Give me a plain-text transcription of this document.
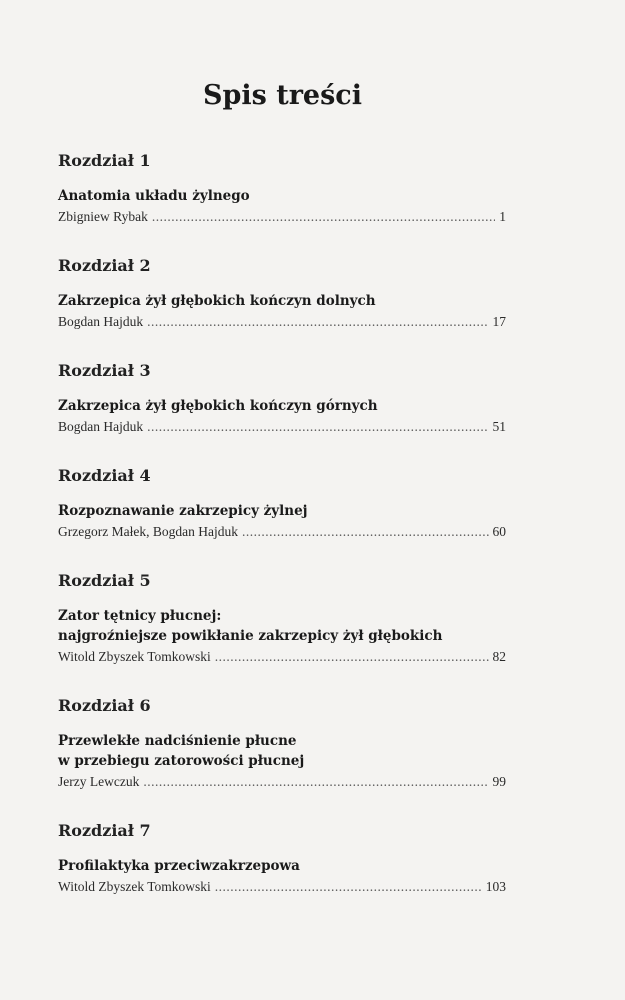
Spis treści
Rozdział 1
Anatomia układu żylnego
Zbigniew Rybak .....	1
Rozdział 2
Zakrzepica żył głębokich kończyn dolnych
Bogdan Hajduk .....	17
Rozdział 3
Zakrzepica żył głębokich kończyn górnych
Bogdan Hajduk .....	51
Rozdział 4
Rozpoznawanie zakrzepicy żylnej
Grzegorz Małek, Bogdan Hajduk .....	60
Rozdział 5
Zator tętnicy płucnej:
najgroźniejsze powikłanie zakrzepicy żył głębokich
Witold Zbyszek Tomkowski .....	82
Rozdział 6
Przewlekłe nadciśnienie płucne
w przebiegu zatorowości płucnej
Jerzy Lewczuk .....	99
Rozdział 7
Profilaktyka przeciwzakrzepowa
Witold Zbyszek Tomkowski .....	103
